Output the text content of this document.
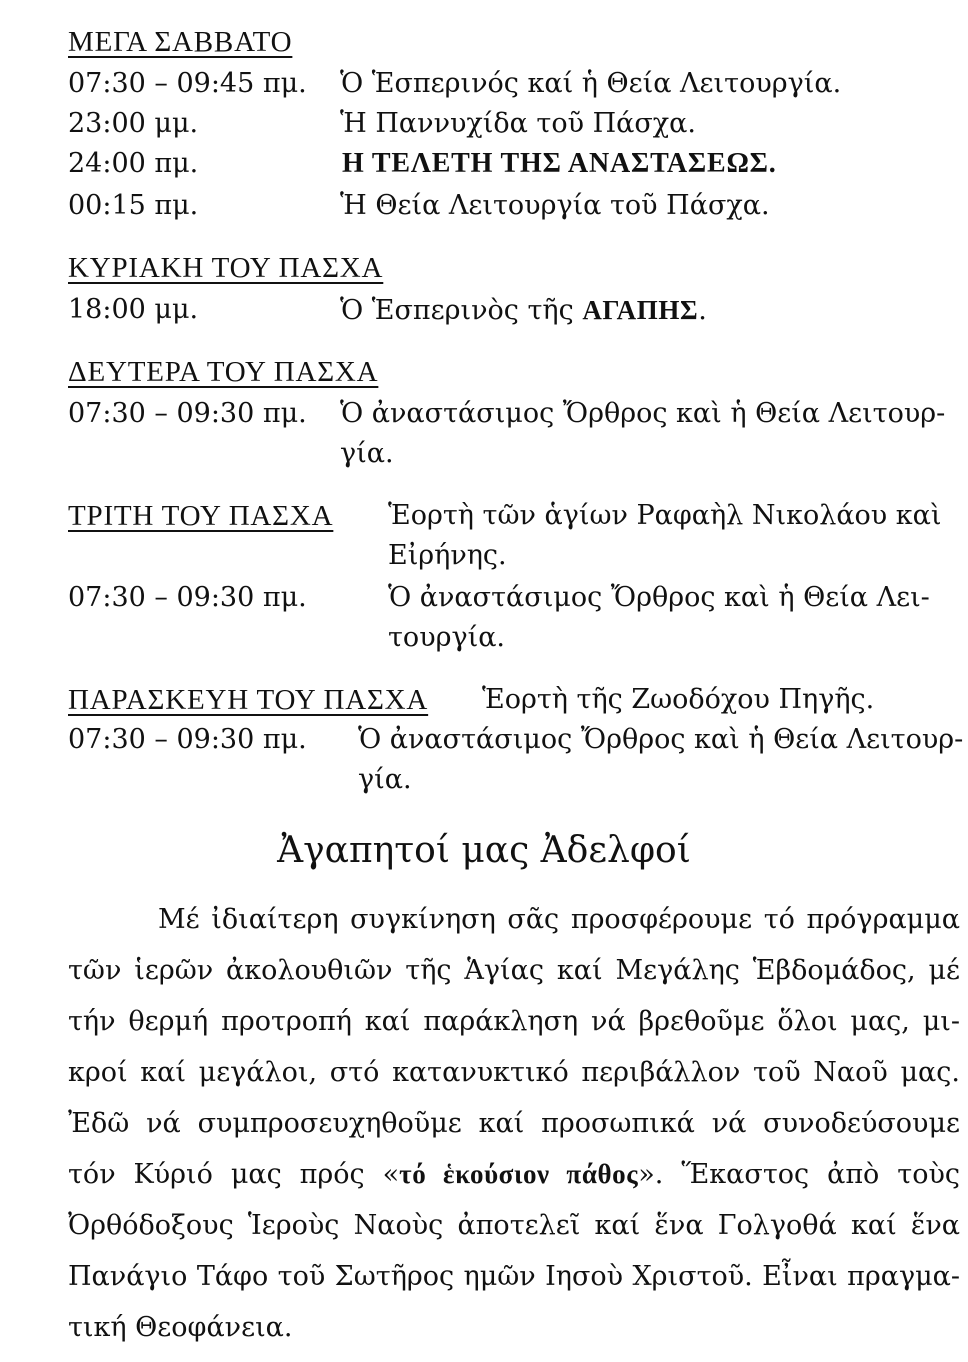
ΜΕΓΑ ΣΑΒΒΑΤΟ
07:30 – 09:45 πμ. Ὁ Ἑσπερινός καί ἡ Θεία Λειτουργία.
23:00 μμ.	Ἡ Παννυχίδα τοῦ Πάσχα.
24:00 πμ.	Η ΤΕΛΕΤΗ ΤΗΣ ΑΝΑΣΤΑΣΕΩΣ.
00:15 πμ.	Ἡ Θεία Λειτουργία τοῦ Πάσχα.
ΚΥΡΙΑΚΗ ΤΟΥ ΠΑΣΧΑ
18:00 μμ.	Ὁ Ἑσπερινὸς τῆς ΑΓΑΠΗΣ.
ΔΕΥΤΕΡΑ ΤΟΥ ΠΑΣΧΑ
07:30 – 09:30 πμ. Ὁ ἀναστάσιμος Ὄρθρος καὶ ἡ Θεία Λειτουρ-
γία.
ΤΡΙΤΗ ΤΟΥ ΠΑΣΧΑ Ἑορτὴ τῶν ἁγίων Ραφαὴλ Νικολάου καὶ
Εἰρήνης.
07:30 – 09:30 πμ.	Ὁ ἀναστάσιμος Ὄρθρος καὶ ἡ Θεία Λει-
τουργία.
ΠΑΡΑΣΚΕΥΗ ΤΟΥ ΠΑΣΧΑ Ἑορτὴ τῆς Ζωοδόχου Πηγῆς.
07:30 – 09:30 πμ. Ὁ ἀναστάσιμος Ὄρθρος καὶ ἡ Θεία Λειτουρ-
γία.
Ἀγαπητοί μας Ἀδελφοί
Μέ ἰδιαίτερη συγκίνηση σᾶς προσφέρουμε τό πρόγραμμα
τῶν ἱερῶν ἀκολουθιῶν τῆς Ἁγίας καί Μεγάλης Ἑβδομάδος, μέ
τήν θερμή προτροπή καί παράκληση νά βρεθοῦμε ὅλοι μας, μι-
κροί καί μεγάλοι, στό κατανυκτικό περιβάλλον τοῦ Ναοῦ μας.
Ἐδῶ νά συμπροσευχηθοῦμε καί προσωπικά νά συνοδεύσουμε
τόν Κύριό μας πρός «τό ἑκούσιον πάθος». Ἕκαστος ἀπὸ τοὺς
Ὀρθόδοξους Ἱεροὺς Ναοὺς ἀποτελεῖ καί ἕνα Γολγοθά καί ἕνα
Πανάγιο Τάφο τοῦ Σωτῆρος ημῶν Ιησοὺ Χριστοῦ. Εἶναι πραγμα-
τική Θεοφάνεια.
